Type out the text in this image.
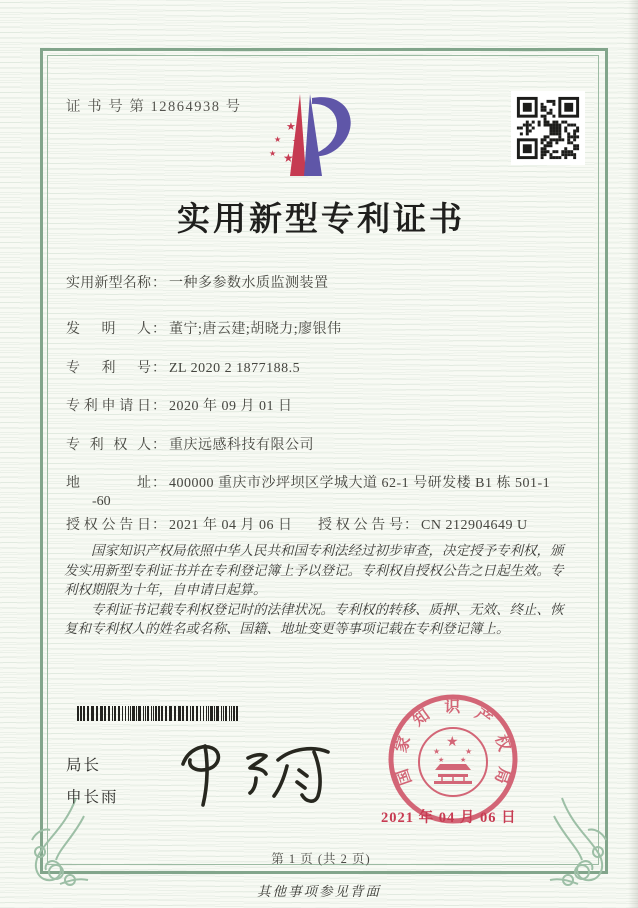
证 书 号 第 12864938 号
★
★ ★
★ ★
实用新型专利证书
实用新型名称： 一种多参数水质监测装置
发明人： 董宁;唐云建;胡晓力;廖银伟
专利号： ZL 2020 2 1877188.5
专利申请日： 2020 年 09 月 01 日
专利权人： 重庆远感科技有限公司
地址： 400000 重庆市沙坪坝区学城大道 62-1 号研发楼 B1 栋 501-1
-60
授权公告日： 2021 年 04 月 06 日 授权公告号： CN 212904649 U

国家知识产权局依照中华人民共和国专利法经过初步审查，决定授予专利权，颁发实用新型专利证书并在专利登记簿上予以登记。专利权自授权公告之日起生效。专利权期限为十年，自申请日起算。

专利证书记载专利权登记时的法律状况。专利权的转移、质押、无效、终止、恢复和专利权人的姓名或名称、国籍、地址变更等事项记载在专利登记簿上。

局长
申长雨
国家知识产权局
★
★	★
★ ★
2021 年 04 月 06 日
第 1 页 (共 2 页)
其他事项参见背面
